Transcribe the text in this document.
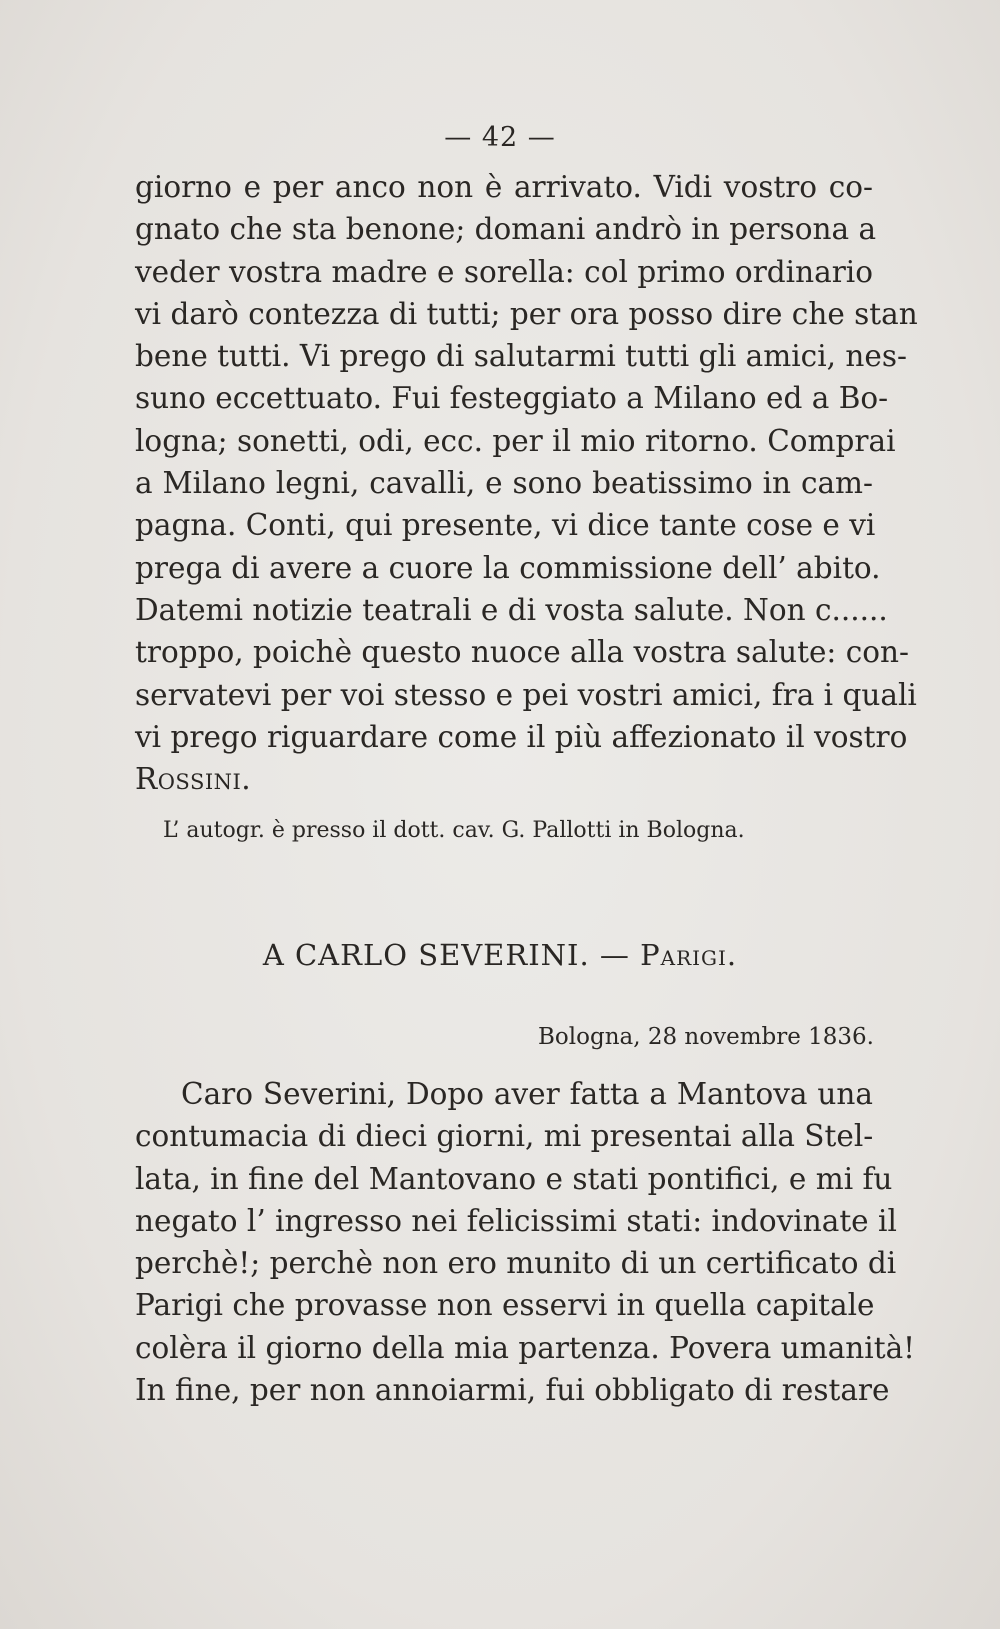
— 42 —
giorno e per anco non è arrivato. Vidi vostro co-
gnato che sta benone; domani andrò in persona a
veder vostra madre e sorella: col primo ordinario
vi darò contezza di tutti; per ora posso dire che stan
bene tutti. Vi prego di salutarmi tutti gli amici, nes-
suno eccettuato. Fui festeggiato a Milano ed a Bo-
logna; sonetti, odi, ecc. per il mio ritorno. Comprai
a Milano legni, cavalli, e sono beatissimo in cam-
pagna. Conti, qui presente, vi dice tante cose e vi
prega di avere a cuore la commissione dell’ abito.
Datemi notizie teatrali e di vosta salute. Non c......
troppo, poichè questo nuoce alla vostra salute: con-
servatevi per voi stesso e pei vostri amici, fra i quali
vi prego riguardare come il più affezionato il vostro
Rossini.
L’ autogr. è presso il dott. cav. G. Pallotti in Bologna.
A CARLO SEVERINI. — Parigi.
Bologna, 28 novembre 1836.
Caro Severini, Dopo aver fatta a Mantova una
contumacia di dieci giorni, mi presentai alla Stel-
lata, in fine del Mantovano e stati pontifici, e mi fu
negato l’ ingresso nei felicissimi stati: indovinate il
perchè!; perchè non ero munito di un certificato di
Parigi che provasse non esservi in quella capitale
colèra il giorno della mia partenza. Povera umanità!
In fine, per non annoiarmi, fui obbligato di restare
